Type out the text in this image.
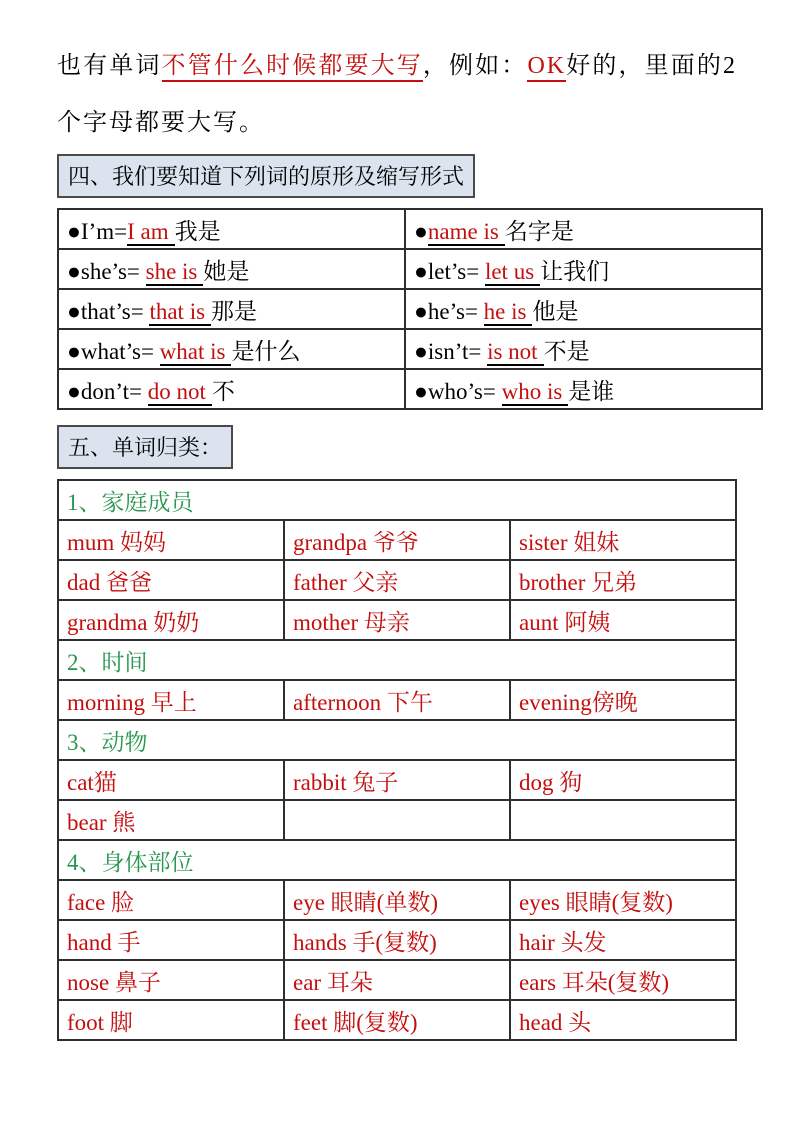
也有单词不管什么时候都要大写，例如：OK好的，里面的2个字母都要大写。

四、我们要知道下列词的原形及缩写形式
●I’m=I am 我是	●name is 名字是
●she’s= she is 她是	●let’s= let us 让我们
●that’s= that is 那是	●he’s= he is 他是
●what’s= what is 是什么	●isn’t= is not 不是
●don’t= do not 不	●who’s= who is 是谁
五、单词归类：
1、家庭成员		
mum 妈妈	grandpa 爷爷	sister 姐妹
dad 爸爸	father 父亲	brother 兄弟
grandma 奶奶	mother 母亲	aunt 阿姨
2、时间		
morning 早上	afternoon 下午	evening傍晚
3、动物		
cat猫	rabbit 兔子	dog 狗
bear 熊		
4、身体部位		
face 脸	eye 眼睛(单数)	eyes 眼睛(复数)
hand 手	hands 手(复数)	hair 头发
nose 鼻子	ear 耳朵	ears 耳朵(复数)
foot 脚	feet 脚(复数)	head 头
